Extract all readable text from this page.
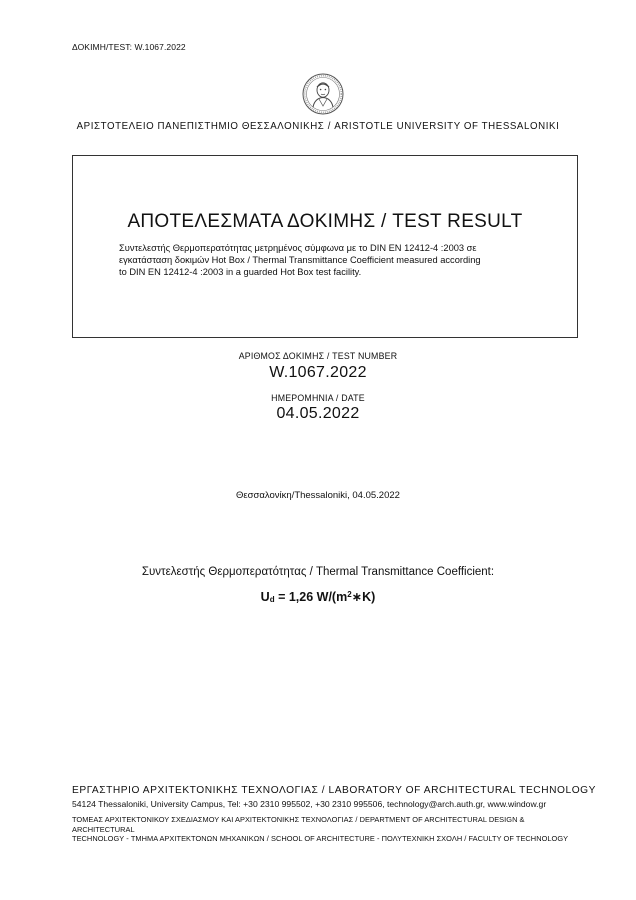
ΔΟΚΙΜΗ/TEST: W.1067.2022
ΑΡΙΣΤΟΤΕΛΕΙΟ ΠΑΝΕΠΙΣΤΗΜΙΟ ΘΕΣΣΑΛΟΝΙΚΗΣ / ARISTOTLE UNIVERSITY OF THESSALONIKI
ΑΠΟΤΕΛΕΣΜΑΤΑ ΔΟΚΙΜΗΣ / TEST RESULT
Συντελεστής Θερμοπερατότητας μετρημένος σύμφωνα με το DIN EN 12412-4 :2003 σε
εγκατάσταση δοκιμών Hot Box / Thermal Transmittance Coefficient measured according
to DIN EN 12412-4 :2003 in a guarded Hot Box test facility.
ΑΡΙΘΜΟΣ ΔΟΚΙΜΗΣ / TEST NUMBER
W.1067.2022
ΗΜΕΡΟΜΗΝΙΑ / DATE
04.05.2022
Θεσσαλονίκη/Thessaloniki, 04.05.2022
Συντελεστής Θερμοπερατότητας / Thermal Transmittance Coefficient:
$U_d = 1,26$ $W/(m^2∗K)$
ΕΡΓΑΣΤΗΡΙΟ ΑΡΧΙΤΕΚΤΟΝΙΚΗΣ ΤΕΧΝΟΛΟΓΙΑΣ / LABORATORY OF ARCHITECTURAL TECHNOLOGY
54124 Thessaloniki, University Campus, Tel: +30 2310 995502, +30 2310 995506, technology@arch.auth.gr, www.window.gr
ΤΟΜΕΑΣ ΑΡΧΙΤΕΚΤΟΝΙΚΟΥ ΣΧΕΔΙΑΣΜΟΥ ΚΑΙ ΑΡΧΙΤΕΚΤΟΝΙΚΗΣ ΤΕΧΝΟΛΟΓΙΑΣ / DEPARTMENT OF ARCHITECTURAL DESIGN & ARCHITECTURAL
TECHNOLOGY - ΤΜΗΜΑ ΑΡΧΙΤΕΚΤΟΝΩΝ ΜΗΧΑΝΙΚΩΝ / SCHOOL OF ARCHITECTURE - ΠΟΛΥΤΕΧΝΙΚΗ ΣΧΟΛΗ / FACULTY OF TECHNOLOGY
